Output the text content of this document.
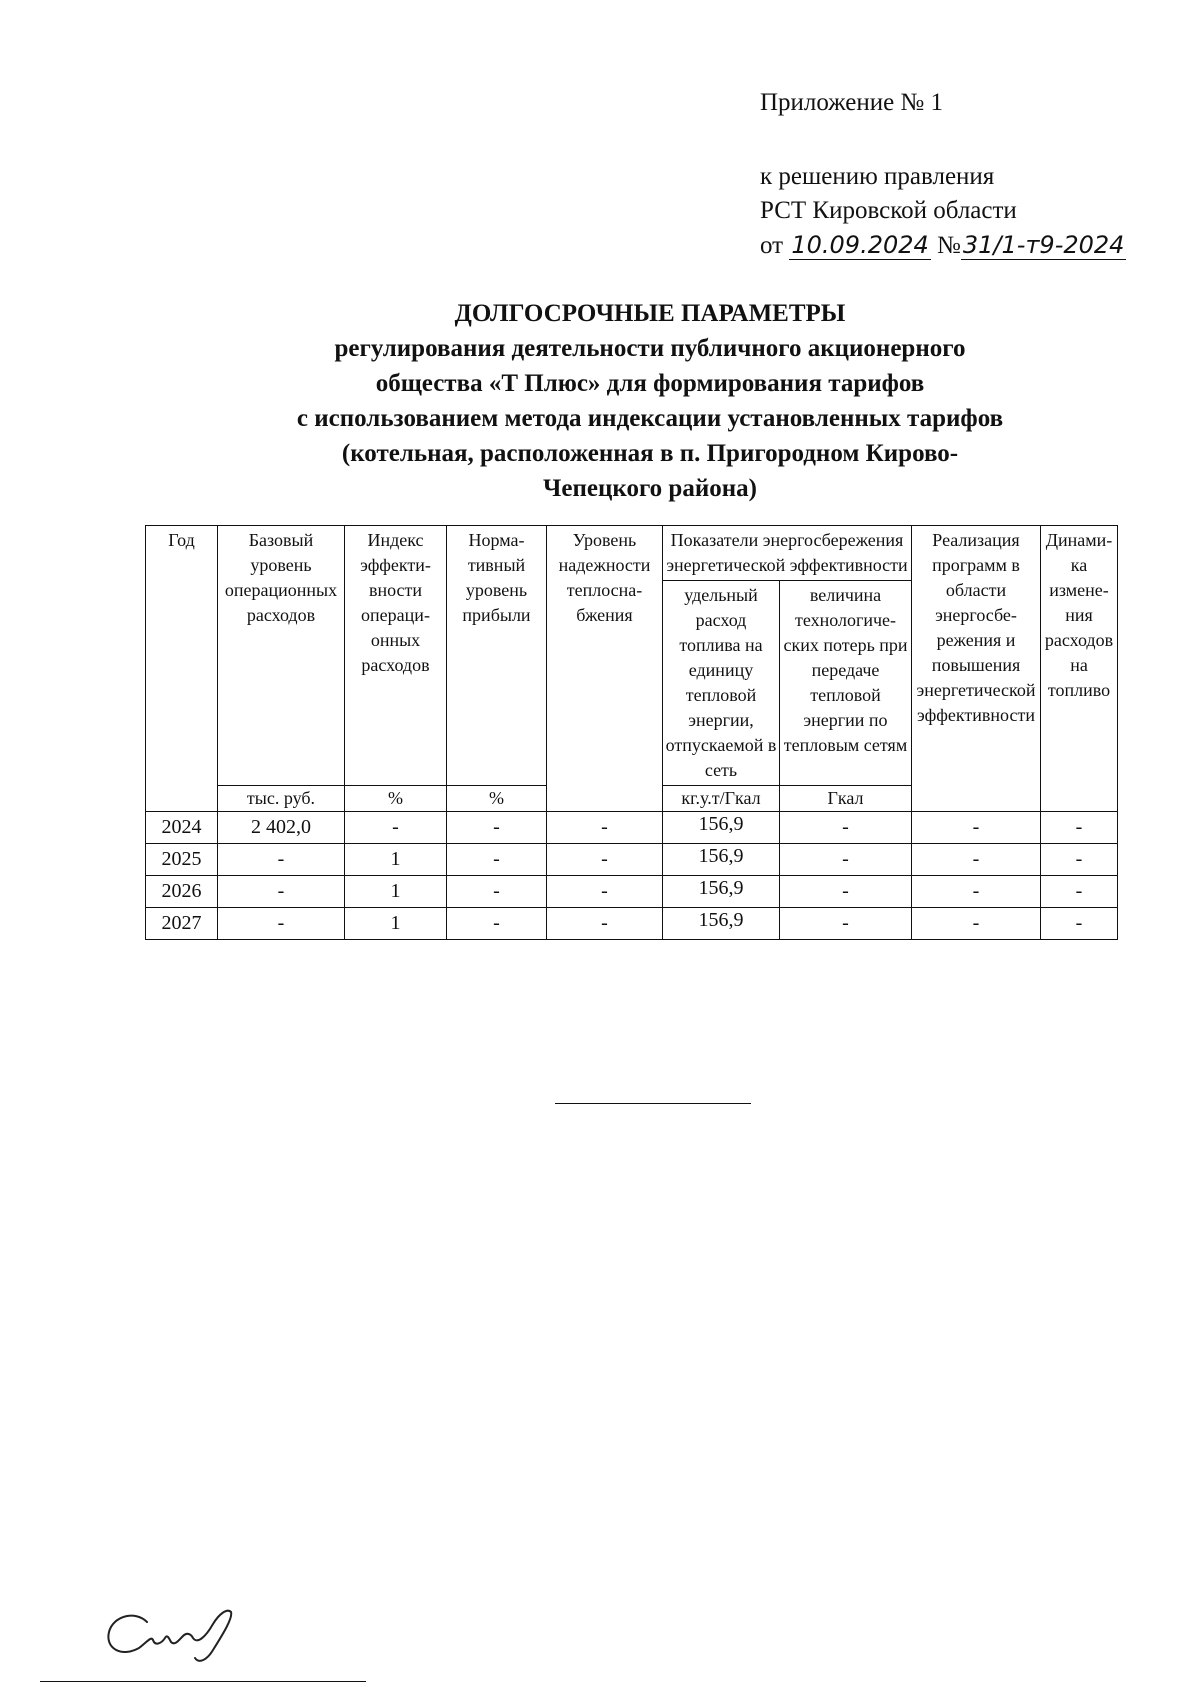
Приложение № 1
к решению правления
РСТ Кировской области
от 10.09.2024 №31/1-т9-2024
ДОЛГОСРОЧНЫЕ ПАРАМЕТРЫ
регулирования деятельности публичного акционерного
общества «Т Плюс» для формирования тарифов
с использованием метода индексации установленных тарифов
(котельная, расположенная в п. Пригородном Кирово-
Чепецкого района)
Год	Базовый уровень операционных расходов	Индекс эффективности операционных расходов	Нормативный уровень прибыли	Уровень надежности теплоснабжения	Показатели энергосбережения энергетической эффективности		Реализация программ в области энергосбережения и повышения энергетической эффективности	Динамика изменения расходов на топливо
					удельный расход топлива на единицу тепловой энергии, отпускаемой в сеть	величина технологических потерь при передаче тепловой энергии по тепловым сетям		
	тыс. руб.	%	%		кг.у.т/Гкал	Гкал		
2024	2 402,0	-	-	-	156,9	-	-	-
2025	-	1	-	-	156,9	-	-	-
2026	-	1	-	-	156,9	-	-	-
2027	-	1	-	-	156,9	-	-	-
